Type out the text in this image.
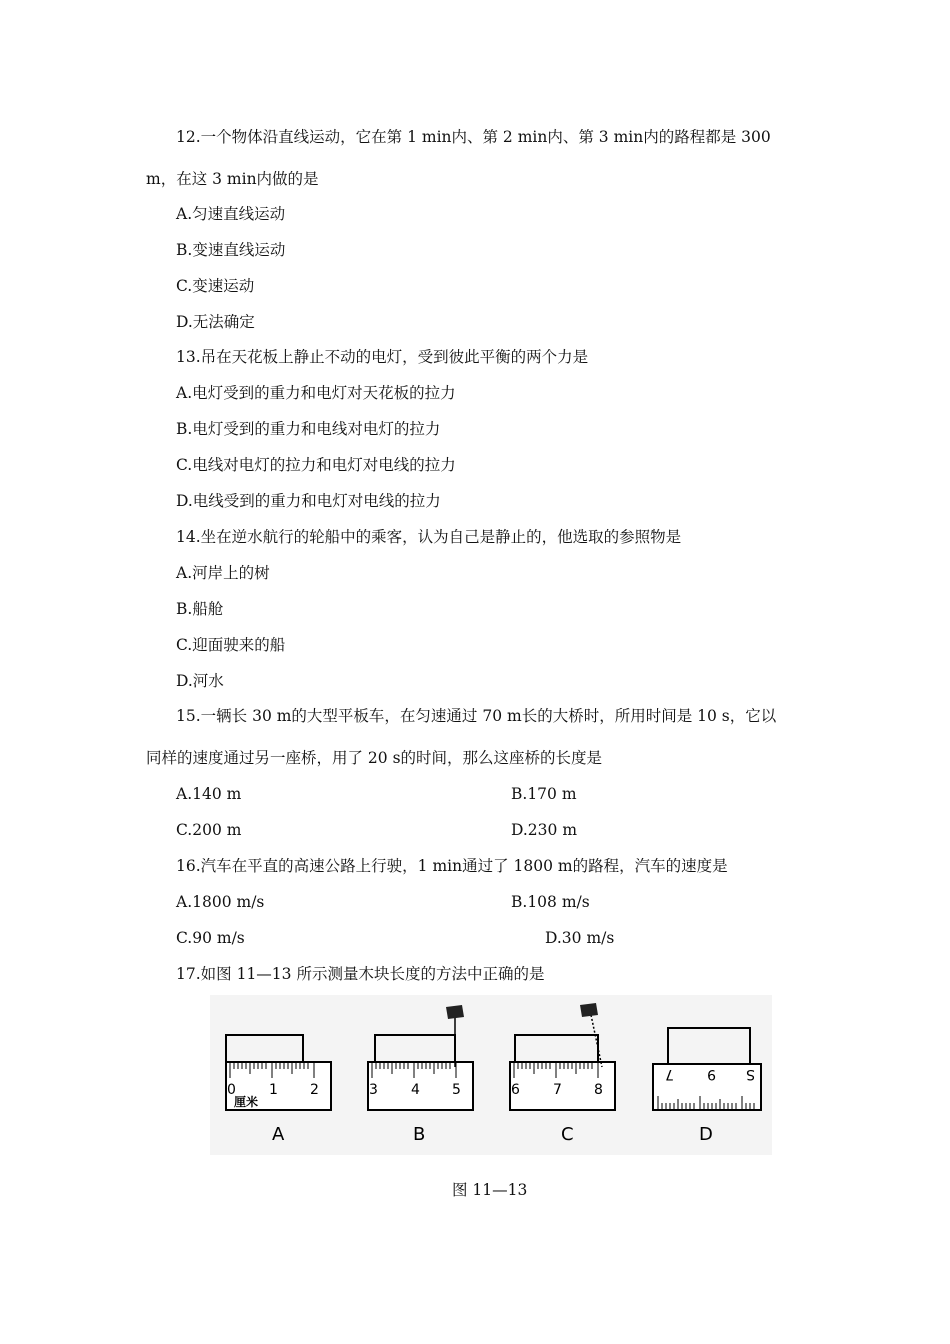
12.一个物体沿直线运动，它在第 1 min内、第 2 min内、第 3 min内的路程都是 300
m，在这 3 min内做的是
A.匀速直线运动
B.变速直线运动
C.变速运动
D.无法确定
13.吊在天花板上静止不动的电灯，受到彼此平衡的两个力是
A.电灯受到的重力和电灯对天花板的拉力
B.电灯受到的重力和电线对电灯的拉力
C.电线对电灯的拉力和电灯对电线的拉力
D.电线受到的重力和电灯对电线的拉力
14.坐在逆水航行的轮船中的乘客，认为自己是静止的，他选取的参照物是
A.河岸上的树
B.船舱
C.迎面驶来的船
D.河水
15.一辆长 30 m的大型平板车，在匀速通过 70 m长的大桥时，所用时间是 10 s，它以
同样的速度通过另一座桥，用了 20 s的时间，那么这座桥的长度是
A.140 m	B.170 m
C.200 m	D.230 m
16.汽车在平直的高速公路上行驶，1 min通过了 1800 m的路程，汽车的速度是
A.1800 m/s	B.108 m/s
C.90 m/s	D.30 m/s
17.如图 11—13 所示测量木块长度的方法中正确的是
0 1 2
厘米
A
3 4 5
B
6 7 8
C
7 9 S
D
图 11—13
